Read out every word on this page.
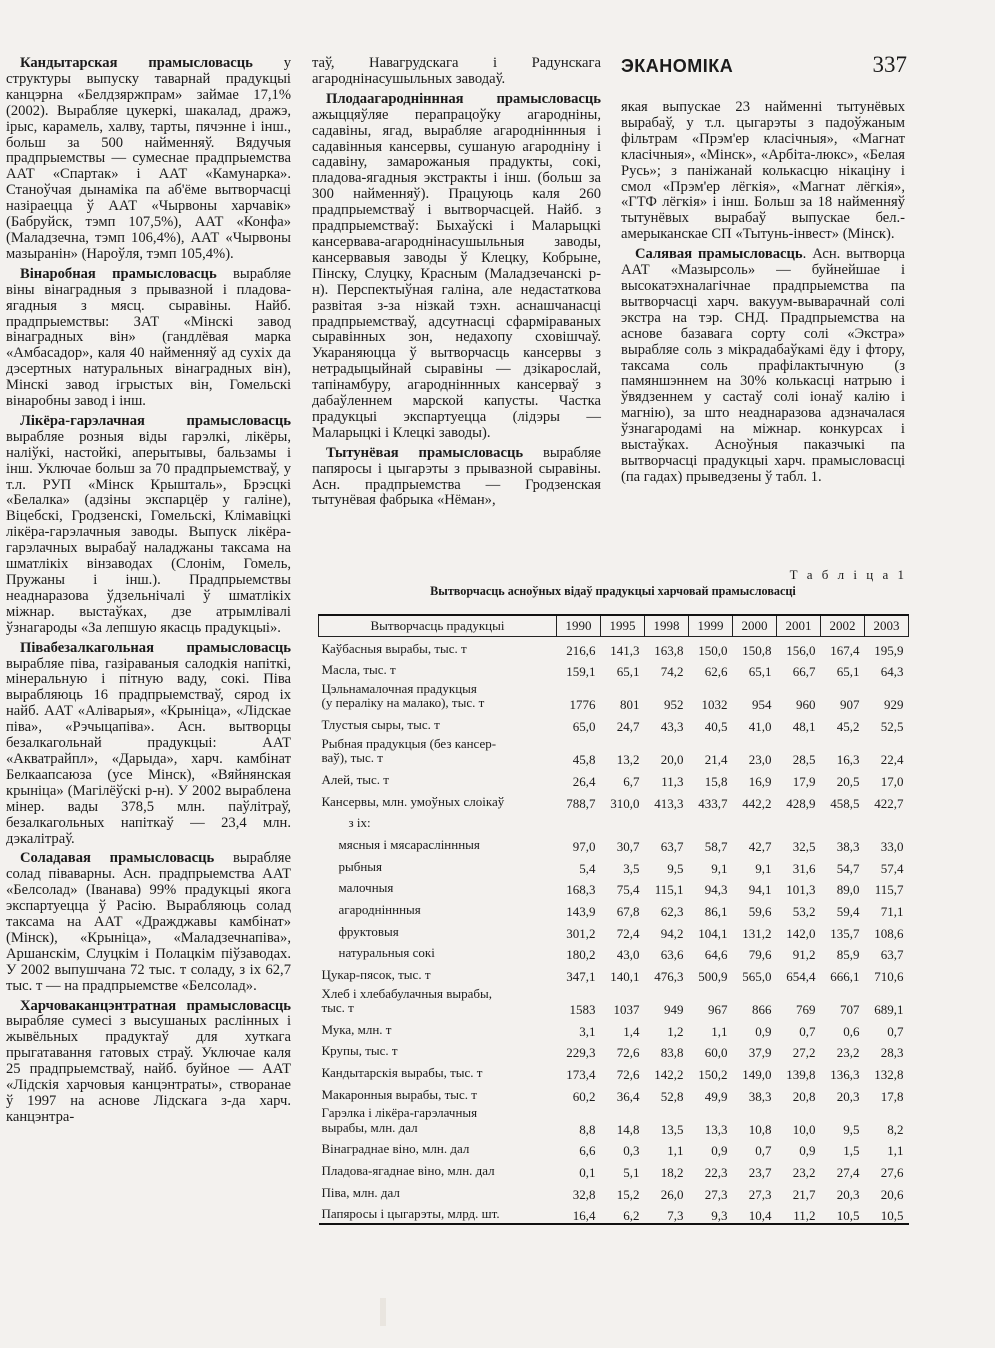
ЭКАНОМІКА	337

Кандытарская прамысловасць у структуры выпуску таварнай прадукцыі канцэрна «Белдзяржпрам» займае 17,1% (2002). Вырабляе цукеркі, шакалад, дражэ, ірыс, карамель, халву, тарты, пячэнне і інш., больш за 500 найменняў. Вядучыя прадпрыемствы — сумеснае прадпрыемства ААТ «Спартак» і ААТ «Камунарка». Станоўчая дынаміка па аб'ёме вытворчасці назіраецца ў ААТ «Чырвоны харчавік» (Бабруйск, тэмп 107,5%), ААТ «Конфа» (Маладзечна, тэмп 106,4%), ААТ «Чырвоны мазыранін» (Нароўля, тэмп 105,4%).

Вінаробная прамысловасць вырабляе віны вінаградныя з прывазной і пладова-ягадныя з мясц. сыравіны. Найб. прадпрыемствы: ЗАТ «Мінскі завод вінаградных він» (гандлёвая марка «Амбасадор», каля 40 найменняў ад сухіх да дэсертных натуральных вінаградных він), Мінскі завод ігрыстых він, Гомельскі вінаробны завод і інш.

Лікёра-гарэлачная прамысловасць вырабляе розныя віды гарэлкі, лікёры, наліўкі, настойкі, аперытывы, бальзамы і інш. Уключае больш за 70 прадпрыемстваў, у т.л. РУП «Мінск Крышталь», Брэсцкі «Белалка» (адзіны экспарцёр у галіне), Віцебскі, Гродзенскі, Гомельскі, Клімавіцкі лікёра-гарэлачныя заводы. Выпуск лікёра-гарэлачных вырабаў наладжаны таксама на шматлікіх вінзаводах (Слонім, Гомель, Пружаны і інш.). Прадпрыемствы неаднаразова ўдзельнічалі ў шматлікіх міжнар. выстаўках, дзе атрымлівалі ўзнагароды «За лепшую якасць прадукцыі».

Півабезалкагольная прамысловасць вырабляе піва, газіраваныя салодкія напіткі, мінеральную і пітную ваду, сокі. Піва вырабляюць 16 прадпрыемстваў, сярод іх найб. ААТ «Аліварыя», «Крыніца», «Лідскае піва», «Рэчыцапіва». Асн. вытворцы безалкагольнай прадукцыі: ААТ «Акватрайпл», «Дарыда», харч. камбінат Белкаапсаюза (усе Мінск), «Вяйнянская крыніца» (Магілёўскі р-н). У 2002 выраблена мінер. вады 378,5 млн. паўлітраў, безалкагольных напіткаў — 23,4 млн. дэкалітраў.

Соладавая прамысловасць вырабляе солад піваварны. Асн. прадпрыемства ААТ «Белсолад» (Іванава) 99% прадукцыі якога экспартуецца ў Расію. Вырабляюць солад таксама на ААТ «Дражджавы камбінат» (Мінск), «Крыніца», «Маладзечнапіва», Аршанскім, Слуцкім і Полацкім піўзаводах. У 2002 выпушчана 72 тыс. т соладу, з іх 62,7 тыс. т — на прадпрыемстве «Белсолад».

Харчоваканцэнтратная прамысловасць вырабляе сумесі з высушаных раслінных і жывёльных прадуктаў для хуткага прыгатавання гатовых страў. Уключае каля 25 прадпрыемстваў, найб. буйное — ААТ «Лідскія харчовыя канцэнтраты», створанае ў 1997 на аснове Лідскага з-да харч. канцэнтра-

таў, Навагрудскага і Радунскага агароднінасушыльных заводаў.

Плодаагародніннная прамысловасць ажыццяўляе перапрацоўку агародніны, садавіны, ягад, вырабляе агародніннныя і садавінныя кансервы, сушаную агародніну і садавіну, замарожаныя прадукты, сокі, пладова-ягадныя экстракты і інш. (больш за 300 найменняў). Працуюць каля 260 прадпрыемстваў і вытворчасцей. Найб. з прадпрыемстваў: Быхаўскі і Маларыцкі кансервава-агароднінасушыльныя заводы, кансервавыя заводы ў Клецку, Кобрыне, Пінску, Слуцку, Красным (Маладзечанскі р-н). Перспектыўная галіна, але недастаткова развітая з-за нізкай тэхн. аснашчанасці прадпрыемстваў, адсутнасці сфарміраваных сыравінных зон, недахопу сховішчаў. Укараняюцца ў вытворчасць кансервы з нетрадыцыйнай сыравіны — дзікарослай, тапінамбуру, агародніннных кансерваў з дабаўленнем марской капусты. Частка прадукцыі экспартуецца (лідэры — Маларыцкі і Клецкі заводы).

Тытунёвая прамысловасць вырабляе папяросы і цыгарэты з прывазной сыравіны. Асн. прадпрыемства — Гродзенская тытунёвая фабрыка «Нёман»,

якая выпускае 23 найменні тытунёвых вырабаў, у т.л. цыгарэты з падоўжаным фільтрам «Прэм'ер класічныя», «Магнат класічныя», «Мінск», «Арбіта-люкс», «Белая Русь»; з паніжанай колькасцю нікаціну і смол «Прэм'ер лёгкія», «Магнат лёгкія», «ГТФ лёгкія» і інш. Больш за 18 найменняў тытунёвых вырабаў выпускае бел.-амерыканскае СП «Тытунь-інвест» (Мінск).

Салявая прамысловасць. Асн. вытворца ААТ «Мазырсоль» — буйнейшае і высокатэхналагічнае прадпрыемства па вытворчасці харч. вакуум-выварачнай солі экстра на тэр. СНД. Прадпрыемства на аснове базавага сорту солі «Экстра» вырабляе соль з мікрадабаўкамі ёду і фтору, таксама соль прафілактычную (з памяншэннем на 30% колькасці натрыю і ўвядзеннем у састаў солі іонаў калію і магнію), за што неаднаразова адзначалася ўзнагародамі на міжнар. конкурсах і выстаўках. Асноўныя паказчыкі па вытворчасці прадукцыі харч. прамысловасці (па гадах) прыведзены ў табл. 1.

Т а б л і ц а 1
Вытворчасць асноўных відаў прадукцыі харчовай прамысловасці
Вытворчасць прадукцыі	1990	1995	1998	1999	2000	2001	2002	2003
Каўбасныя вырабы, тыс. т	216,6	141,3	163,8	150,0	150,8	156,0	167,4	195,9
Масла, тыс. т	159,1	65,1	74,2	62,6	65,1	66,7	65,1	64,3
Цэльнамалочная прадукцыя
(у пераліку на малако), тыс. т	1776	801	952	1032	954	960	907	929
Тлустыя сыры, тыс. т	65,0	24,7	43,3	40,5	41,0	48,1	45,2	52,5
Рыбная прадукцыя (без кансер-
ваў), тыс. т	45,8	13,2	20,0	21,4	23,0	28,5	16,3	22,4
Алей, тыс. т	26,4	6,7	11,3	15,8	16,9	17,9	20,5	17,0
Кансервы, млн. умоўных слоікаў	788,7	310,0	413,3	433,7	442,2	428,9	458,5	422,7
з іх:								
мясныя і мясарасліннныя	97,0	30,7	63,7	58,7	42,7	32,5	38,3	33,0
рыбныя	5,4	3,5	9,5	9,1	9,1	31,6	54,7	57,4
малочныя	168,3	75,4	115,1	94,3	94,1	101,3	89,0	115,7
агародніннныя	143,9	67,8	62,3	86,1	59,6	53,2	59,4	71,1
фруктовыя	301,2	72,4	94,2	104,1	131,2	142,0	135,7	108,6
натуральныя сокі	180,2	43,0	63,6	64,6	79,6	91,2	85,9	63,7
Цукар-пясок, тыс. т	347,1	140,1	476,3	500,9	565,0	654,4	666,1	710,6
Хлеб і хлебабулачныя вырабы,
тыс. т	1583	1037	949	967	866	769	707	689,1
Мука, млн. т	3,1	1,4	1,2	1,1	0,9	0,7	0,6	0,7
Крупы, тыс. т	229,3	72,6	83,8	60,0	37,9	27,2	23,2	28,3
Кандытарскія вырабы, тыс. т	173,4	72,6	142,2	150,2	149,0	139,8	136,3	132,8
Макаронныя вырабы, тыс. т	60,2	36,4	52,8	49,9	38,3	20,8	20,3	17,8
Гарэлка і лікёра-гарэлачныя
вырабы, млн. дал	8,8	14,8	13,5	13,3	10,8	10,0	9,5	8,2
Вінаграднае віно, млн. дал	6,6	0,3	1,1	0,9	0,7	0,9	1,5	1,1
Пладова-ягаднае віно, млн. дал	0,1	5,1	18,2	22,3	23,7	23,2	27,4	27,6
Піва, млн. дал	32,8	15,2	26,0	27,3	27,3	21,7	20,3	20,6
Папяросы і цыгарэты, млрд. шт.	16,4	6,2	7,3	9,3	10,4	11,2	10,5	10,5
